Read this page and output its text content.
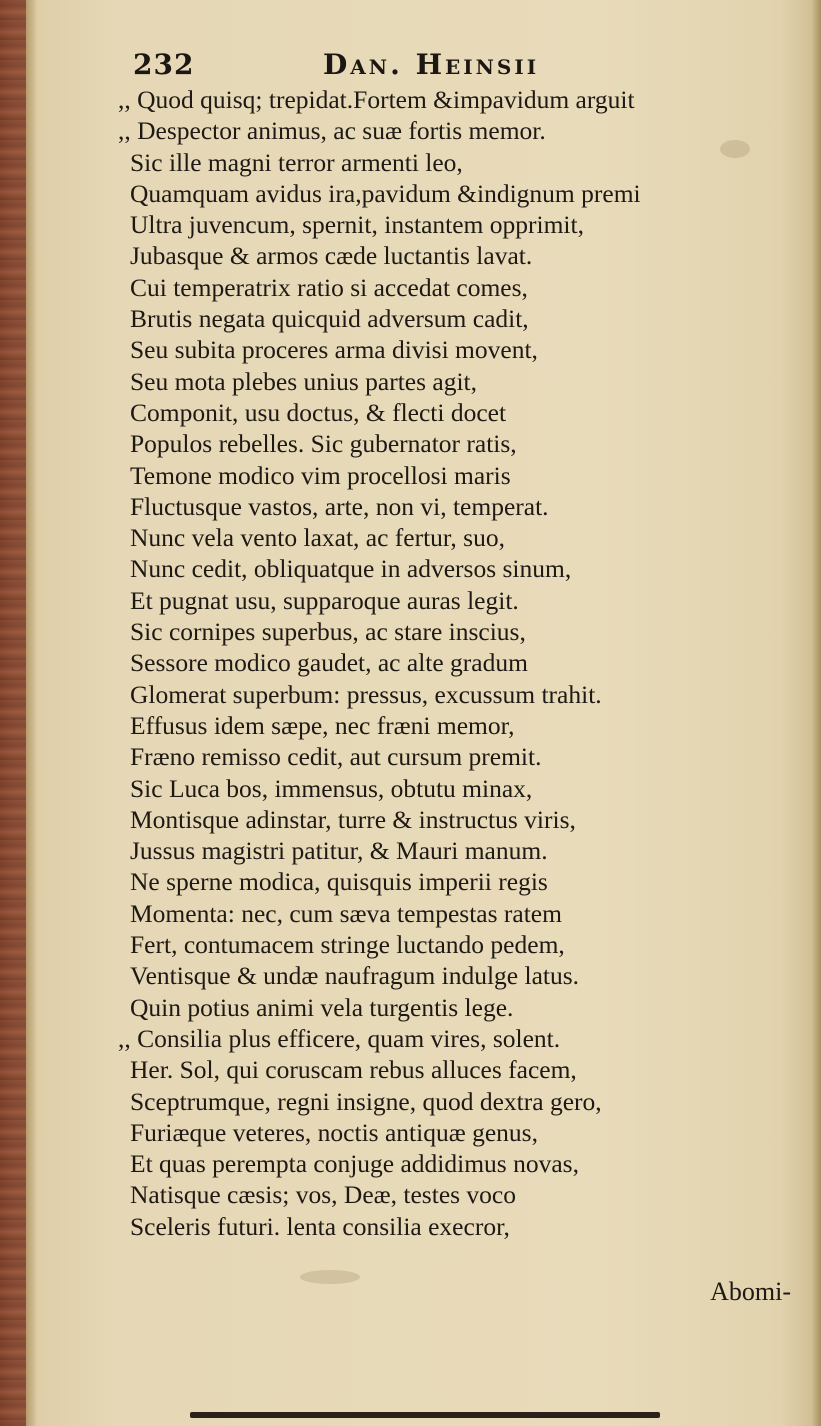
232	Dan. Heinsii
,, Quod quisq; trepidat.Fortem &impavidum arguit
,, Despector animus, ac suæ fortis memor.
Sic ille magni terror armenti leo,
Quamquam avidus ira,pavidum &indignum premi
Ultra juvencum, spernit, instantem opprimit,
Jubasque & armos cæde luctantis lavat.
Cui temperatrix ratio si accedat comes,
Brutis negata quicquid adversum cadit,
Seu subita proceres arma divisi movent,
Seu mota plebes unius partes agit,
Componit, usu doctus, & flecti docet
Populos rebelles. Sic gubernator ratis,
Temone modico vim procellosi maris
Fluctusque vastos, arte, non vi, temperat.
Nunc vela vento laxat, ac fertur, suo,
Nunc cedit, obliquatque in adversos sinum,
Et pugnat usu, supparoque auras legit.
Sic cornipes superbus, ac stare inscius,
Sessore modico gaudet, ac alte gradum
Glomerat superbum: pressus, excussum trahit.
Effusus idem sæpe, nec fræni memor,
Fræno remisso cedit, aut cursum premit.
Sic Luca bos, immensus, obtutu minax,
Montisque adinstar, turre & instructus viris,
Jussus magistri patitur, & Mauri manum.
Ne sperne modica, quisquis imperii regis
Momenta: nec, cum sæva tempestas ratem
Fert, contumacem stringe luctando pedem,
Ventisque & undæ naufragum indulge latus.
Quin potius animi vela turgentis lege.
,, Consilia plus efficere, quam vires, solent.
Her. Sol, qui coruscam rebus alluces facem,
Sceptrumque, regni insigne, quod dextra gero,
Furiæque veteres, noctis antiquæ genus,
Et quas perempta conjuge addidimus novas,
Natisque cæsis; vos, Deæ, testes voco
Sceleris futuri. lenta consilia execror,
Abomi-
